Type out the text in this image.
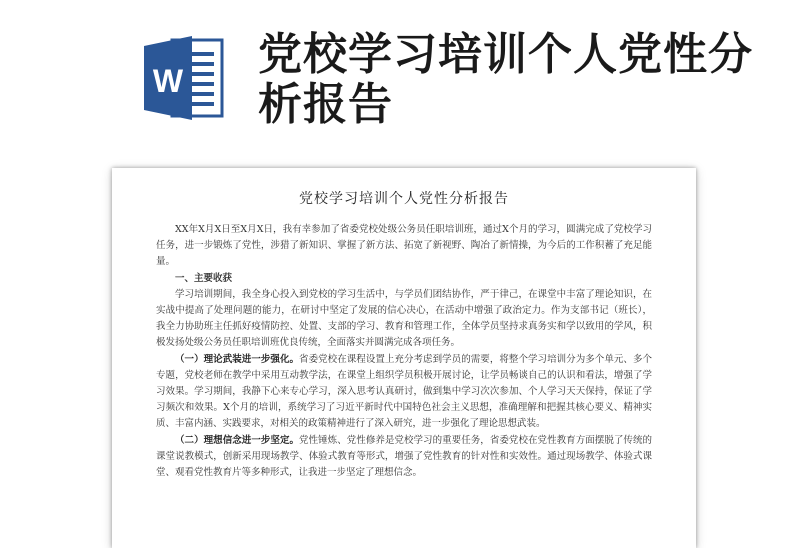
W
党校学习培训个人党性分析报告
党校学习培训个人党性分析报告

XX年X月X日至X月X日，我有幸参加了省委党校处级公务员任职培训班，通过X个月的学习，圆满完成了党校学习任务，进一步锻炼了党性，涉猎了新知识、掌握了新方法、拓宽了新视野、陶冶了新情操，为今后的工作积蓄了充足能量。

一、主要收获

学习培训期间，我全身心投入到党校的学习生活中，与学员们团结协作，严于律己，在课堂中丰富了理论知识，在实战中提高了处理问题的能力，在研讨中坚定了发展的信心决心，在活动中增强了政治定力。作为支部书记（班长），我全力协助班主任抓好疫情防控、处置、支部的学习、教育和管理工作，全体学员坚持求真务实和学以致用的学风，积极发扬处级公务员任职培训班优良传统，全面落实并圆满完成各项任务。

（一）理论武装进一步强化。省委党校在课程设置上充分考虑到学员的需要，将整个学习培训分为多个单元、多个专题，党校老师在教学中采用互动教学法，在课堂上组织学员积极开展讨论，让学员畅谈自己的认识和看法，增强了学习效果。学习期间，我静下心来专心学习，深入思考认真研讨，做到集中学习次次参加、个人学习天天保持，保证了学习频次和效果。X个月的培训，系统学习了习近平新时代中国特色社会主义思想，准确理解和把握其核心要义、精神实质、丰富内涵、实践要求，对相关的政策精神进行了深入研究，进一步强化了理论思想武装。

（二）理想信念进一步坚定。党性锤炼、党性修养是党校学习的重要任务，省委党校在党性教育方面摆脱了传统的课堂说教模式，创新采用现场教学、体验式教育等形式，增强了党性教育的针对性和实效性。通过现场教学、体验式课堂、观看党性教育片等多种形式，让我进一步坚定了理想信念。
